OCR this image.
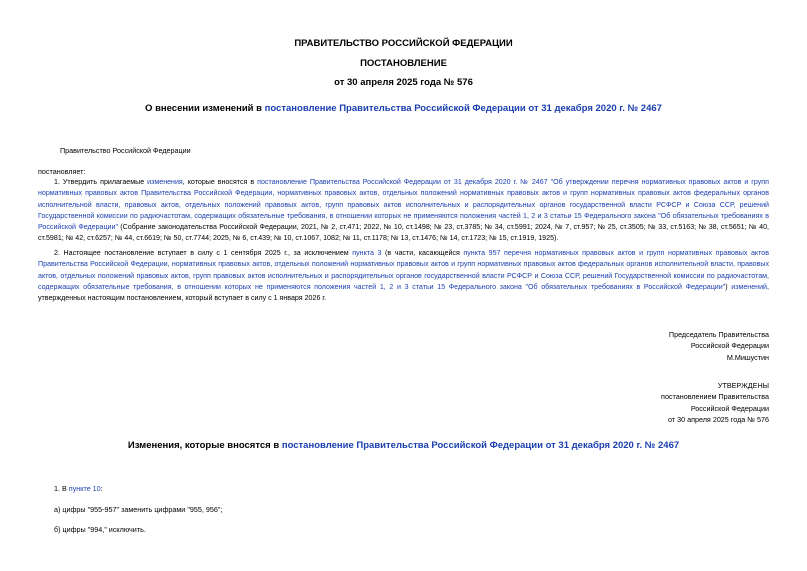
ПРАВИТЕЛЬСТВО РОССИЙСКОЙ ФЕДЕРАЦИИ
ПОСТАНОВЛЕНИЕ
от 30 апреля 2025 года № 576
О внесении изменений в постановление Правительства Российской Федерации от 31 декабря 2020 г. № 2467
Правительство Российской Федерации
постановляет:
1. Утвердить прилагаемые изменения, которые вносятся в постановление Правительства Российской Федерации от 31 декабря 2020 г. № 2467 "Об утверждении перечня нормативных правовых актов и групп нормативных правовых актов Правительства Российской Федерации, нормативных правовых актов, отдельных положений нормативных правовых актов и групп нормативных правовых актов федеральных органов исполнительной власти, правовых актов, отдельных положений правовых актов, групп правовых актов исполнительных и распорядительных органов государственной власти РСФСР и Союза ССР, решений Государственной комиссии по радиочастотам, содержащих обязательные требования, в отношении которых не применяются положения частей 1, 2 и 3 статьи 15 Федерального закона "Об обязательных требованиях в Российской Федерации" (Собрание законодательства Российской Федерации, 2021, № 2, ст.471; 2022, № 10, ст.1498; № 23, ст.3785; № 34, ст.5991; 2024, № 7, ст.957; № 25, ст.3505; № 33, ст.5163; № 38, ст.5651; № 40, ст.5981; № 42, ст.6257; № 44, ст.6619; № 50, ст.7744; 2025, № 6, ст.439; № 10, ст.1067, 1082; № 11, ст.1178; № 13, ст.1476; № 14, ст.1723; № 15, ст.1919, 1925).
2. Настоящее постановление вступает в силу с 1 сентября 2025 г., за исключением пункта 3 (в части, касающейся пункта 957 перечня нормативных правовых актов и групп нормативных правовых актов Правительства Российской Федерации, нормативных правовых актов, отдельных положений нормативных правовых актов и групп нормативных правовых актов федеральных органов исполнительной власти, правовых актов, отдельных положений правовых актов, групп правовых актов исполнительных и распорядительных органов государственной власти РСФСР и Союза ССР, решений Государственной комиссии по радиочастотам, содержащих обязательные требования, в отношении которых не применяются положения частей 1, 2 и 3 статьи 15 Федерального закона "Об обязательных требованиях в Российской Федерации") изменений, утвержденных настоящим постановлением, который вступает в силу с 1 января 2026 г.
Председатель Правительства
Российской Федерации
М.Мишустин
УТВЕРЖДЕНЫ
постановлением Правительства
Российской Федерации
от 30 апреля 2025 года № 576
Изменения, которые вносятся в постановление Правительства Российской Федерации от 31 декабря 2020 г. № 2467
1. В пункте 10:
а) цифры "955-957" заменить цифрами "955, 956";
б) цифры "994," исключить.
